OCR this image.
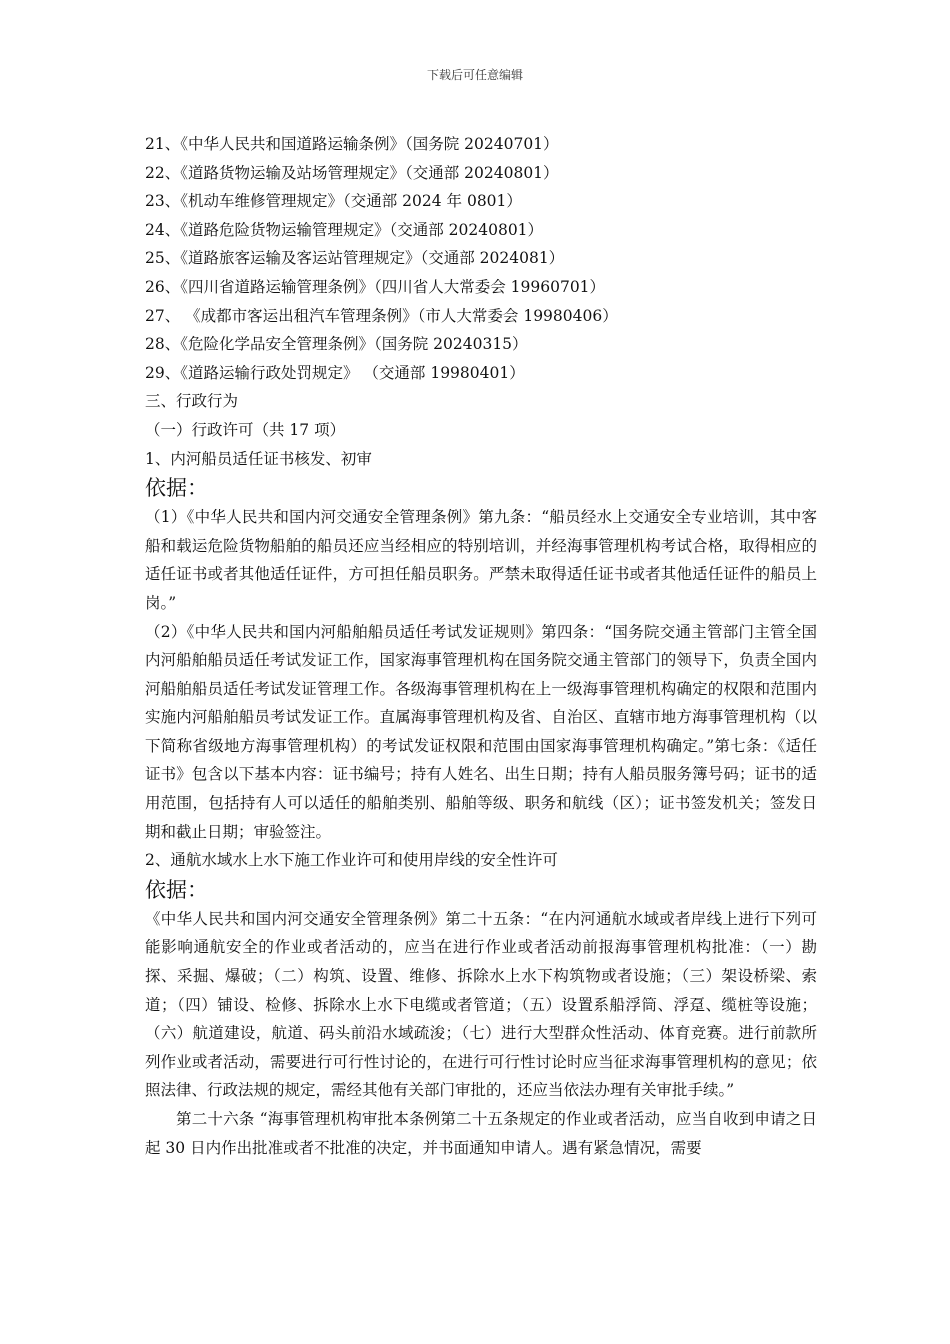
下载后可任意编辑
21、《中华人民共和国道路运输条例》（国务院 20240701）
22、《道路货物运输及站场管理规定》（交通部 20240801）
23、《机动车维修管理规定》（交通部 2024 年 0801）
24、《道路危险货物运输管理规定》（交通部 20240801）
25、《道路旅客运输及客运站管理规定》（交通部 2024081）
26、《四川省道路运输管理条例》（四川省人大常委会 19960701）
27、 《成都市客运出租汽车管理条例》（市人大常委会 19980406）
28、《危险化学品安全管理条例》（国务院 20240315）
29、《道路运输行政处罚规定》 （交通部 19980401）
三、行政行为
（一）行政许可（共 17 项）
1、内河船员适任证书核发、初审
依据：

（1）《中华人民共和国内河交通安全管理条例》第九条：“船员经水上交通安全专业培训，其中客船和载运危险货物船舶的船员还应当经相应的特别培训，并经海事管理机构考试合格，取得相应的适任证书或者其他适任证件，方可担任船员职务。严禁未取得适任证书或者其他适任证件的船员上岗。”

（2）《中华人民共和国内河船舶船员适任考试发证规则》第四条：“国务院交通主管部门主管全国内河船舶船员适任考试发证工作，国家海事管理机构在国务院交通主管部门的领导下，负责全国内河船舶船员适任考试发证管理工作。各级海事管理机构在上一级海事管理机构确定的权限和范围内实施内河船舶船员考试发证工作。直属海事管理机构及省、自治区、直辖市地方海事管理机构（以下简称省级地方海事管理机构）的考试发证权限和范围由国家海事管理机构确定。”第七条：《适任证书》包含以下基本内容：证书编号；持有人姓名、出生日期；持有人船员服务簿号码；证书的适用范围，包括持有人可以适任的船舶类别、船舶等级、职务和航线（区）；证书签发机关；签发日期和截止日期；审验签注。

2、通航水域水上水下施工作业许可和使用岸线的安全性许可
依据：

《中华人民共和国内河交通安全管理条例》第二十五条：“在内河通航水域或者岸线上进行下列可能影响通航安全的作业或者活动的，应当在进行作业或者活动前报海事管理机构批准：（一）勘探、采掘、爆破；（二）构筑、设置、维修、拆除水上水下构筑物或者设施；（三）架设桥梁、索道；（四）铺设、检修、拆除水上水下电缆或者管道；（五）设置系船浮筒、浮趸、缆桩等设施；（六）航道建设，航道、码头前沿水域疏浚；（七）进行大型群众性活动、体育竞赛。进行前款所列作业或者活动，需要进行可行性讨论的，在进行可行性讨论时应当征求海事管理机构的意见；依照法律、行政法规的规定，需经其他有关部门审批的，还应当依法办理有关审批手续。”

第二十六条 “海事管理机构审批本条例第二十五条规定的作业或者活动，应当自收到申请之日起 30 日内作出批准或者不批准的决定，并书面通知申请人。遇有紧急情况，需要
